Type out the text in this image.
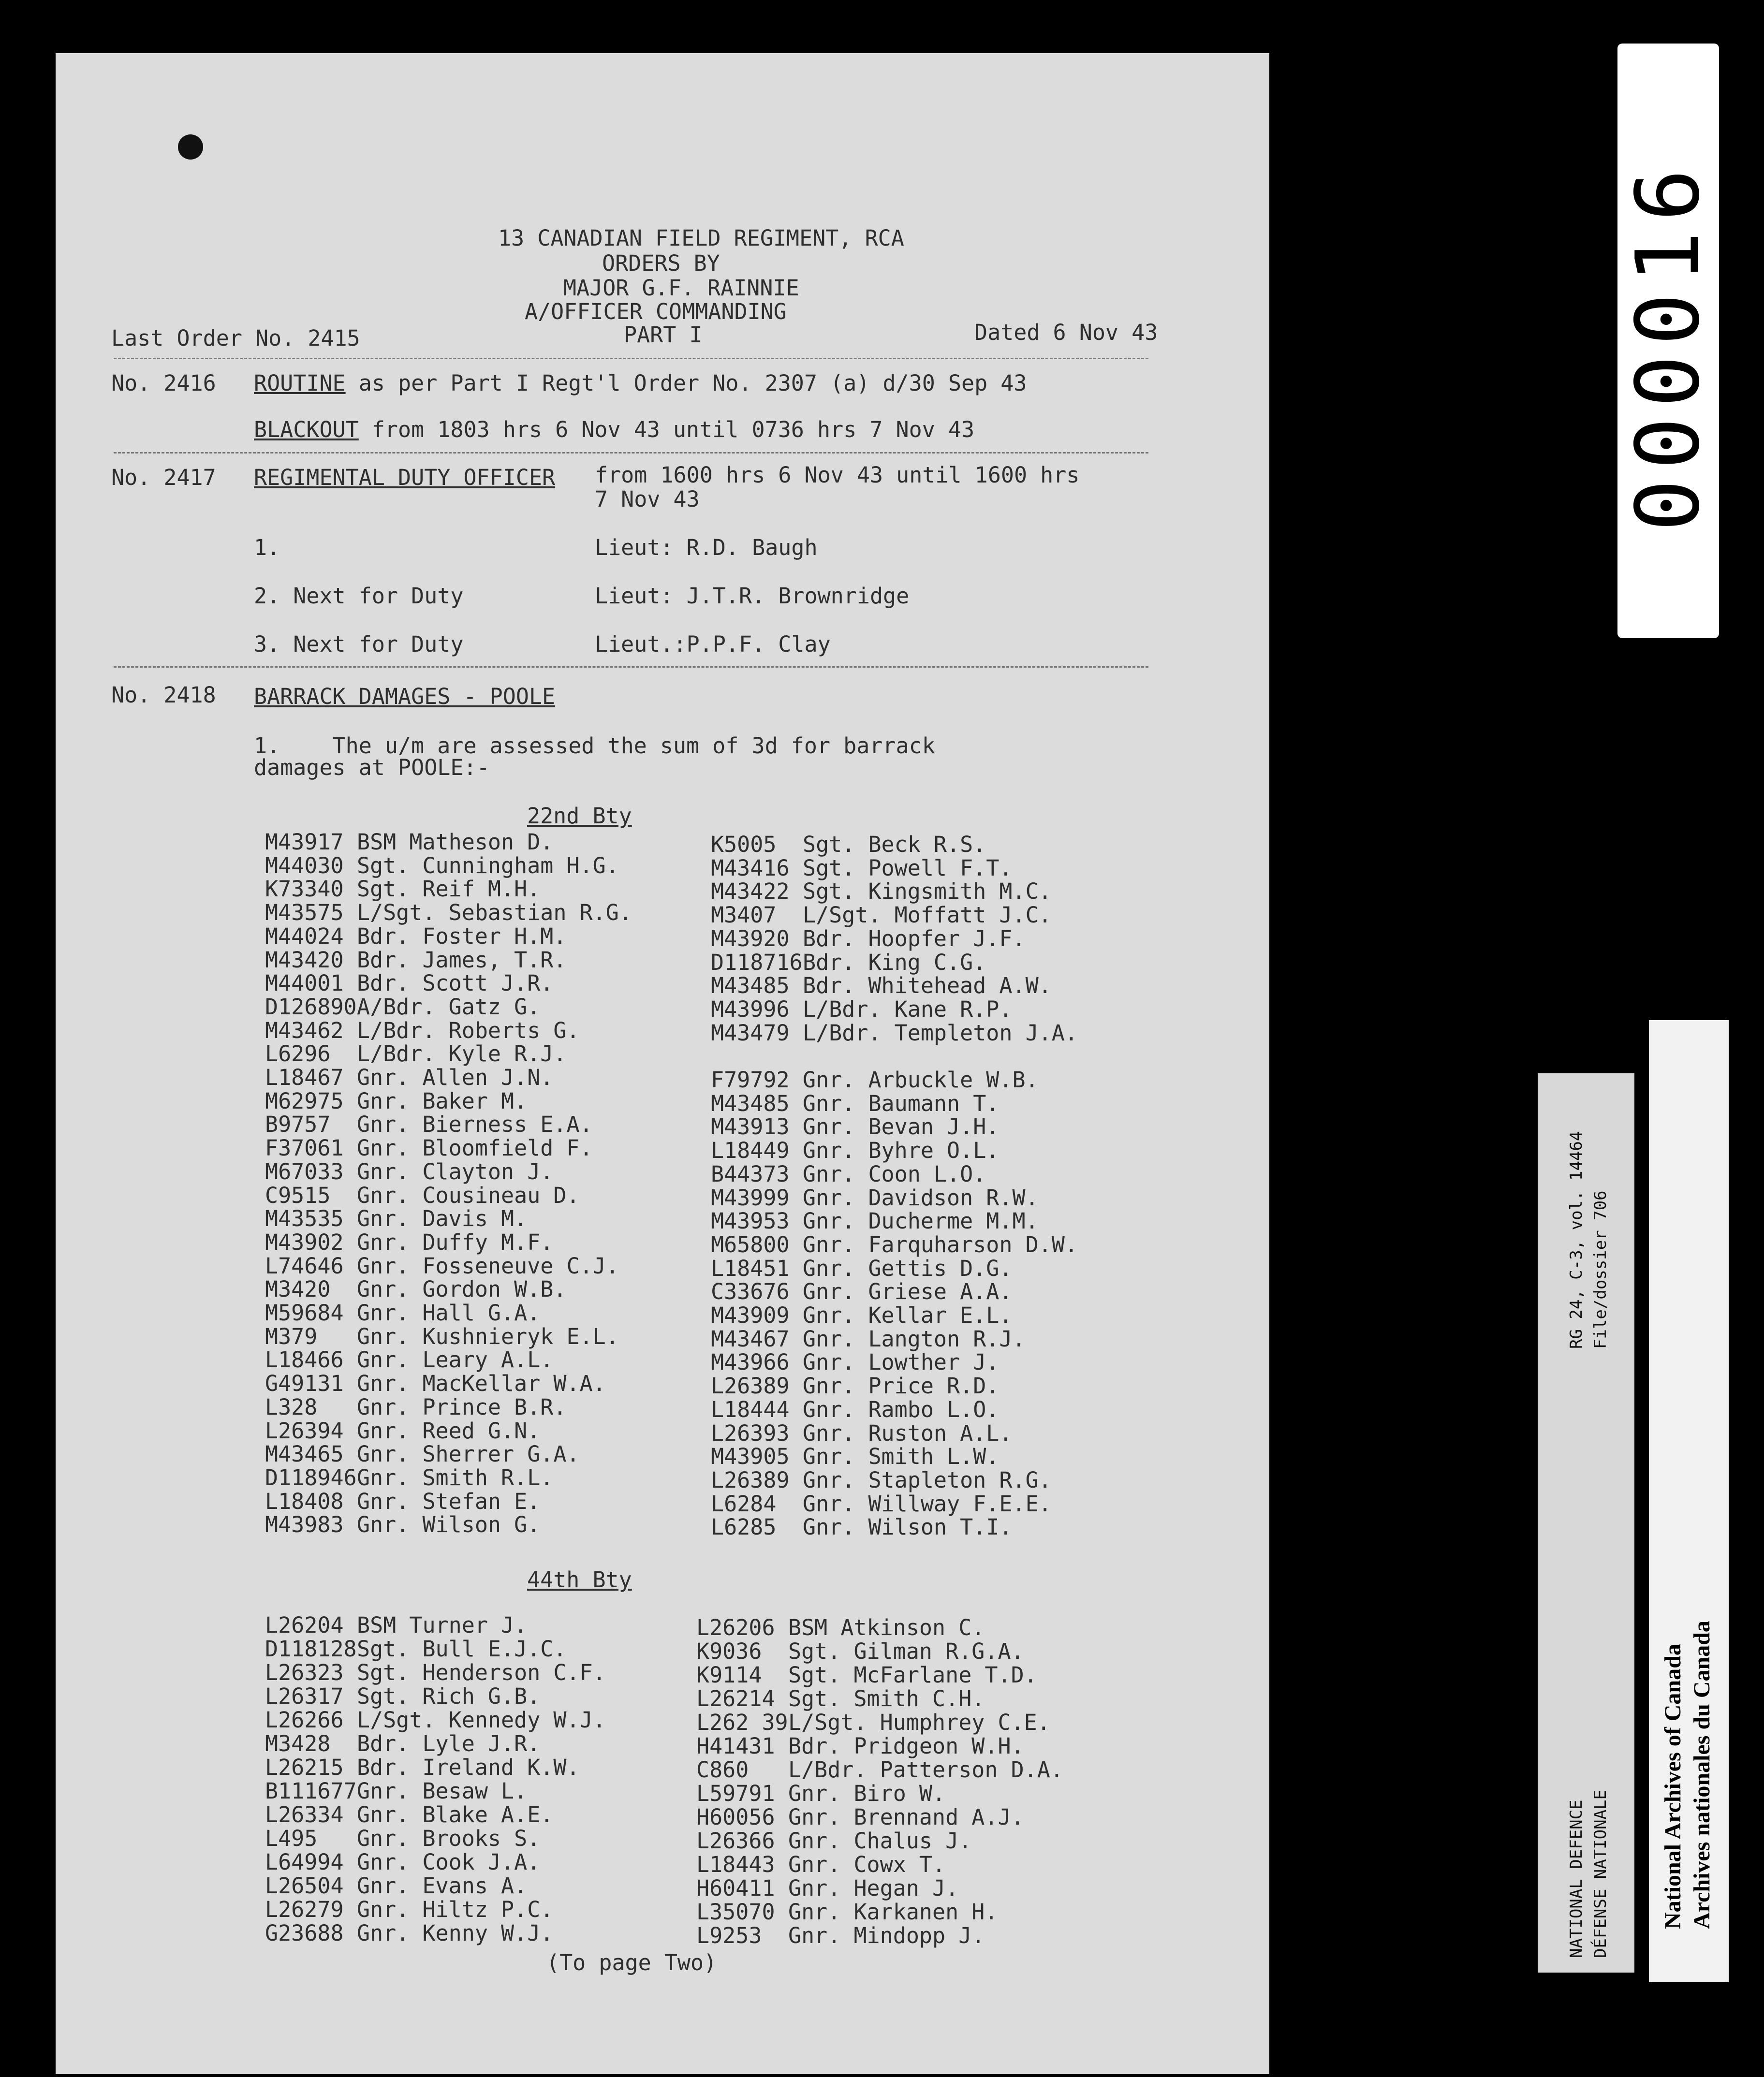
13 CANADIAN FIELD REGIMENT, RCA
ORDERS BY
MAJOR G.F. RAINNIE
A/OFFICER COMMANDING
PART I
Last Order No. 2415	Dated 6 Nov 43
No. 2416 ROUTINE as per Part I Regt'l Order No. 2307 (a) d/30 Sep 43
BLACKOUT from 1803 hrs 6 Nov 43 until 0736 hrs 7 Nov 43
No. 2417 REGIMENTAL DUTY OFFICER from 1600 hrs 6 Nov 43 until 1600 hrs
7 Nov 43
1.	Lieut: R.D. Baugh
2. Next for Duty	Lieut: J.T.R. Brownridge
3. Next for Duty	Lieut.:P.P.F. Clay
No. 2418 BARRACK DAMAGES - POOLE
1.    The u/m are assessed the sum of 3d for barrack
damages at POOLE:-
22nd Bty
M43917 BSM Matheson D.
M44030 Sgt. Cunningham H.G.
K73340 Sgt. Reif M.H.
M43575 L/Sgt. Sebastian R.G.
M44024 Bdr. Foster H.M.
M43420 Bdr. James, T.R.
M44001 Bdr. Scott J.R.
D126890A/Bdr. Gatz G.
M43462 L/Bdr. Roberts G.
L6296 L/Bdr. Kyle R.J.
L18467 Gnr. Allen J.N.
M62975 Gnr. Baker M.
B9757 Gnr. Bierness E.A.
F37061 Gnr. Bloomfield F.
M67033 Gnr. Clayton J.
C9515 Gnr. Cousineau D.
M43535 Gnr. Davis M.
M43902 Gnr. Duffy M.F.
L74646 Gnr. Fosseneuve C.J.
M3420 Gnr. Gordon W.B.
M59684 Gnr. Hall G.A.
M379 Gnr. Kushnieryk E.L.
L18466 Gnr. Leary A.L.
G49131 Gnr. MacKellar W.A.
L328 Gnr. Prince B.R.
L26394 Gnr. Reed G.N.
M43465 Gnr. Sherrer G.A.
D118946Gnr. Smith R.L.
L18408 Gnr. Stefan E.
M43983 Gnr. Wilson G.
K5005 Sgt. Beck R.S.
M43416 Sgt. Powell F.T.
M43422 Sgt. Kingsmith M.C.
M3407 L/Sgt. Moffatt J.C.
M43920 Bdr. Hoopfer J.F.
D118716Bdr. King C.G.
M43485 Bdr. Whitehead A.W.
M43996 L/Bdr. Kane R.P.
M43479 L/Bdr. Templeton J.A.
F79792 Gnr. Arbuckle W.B.
M43485 Gnr. Baumann T.
M43913 Gnr. Bevan J.H.
L18449 Gnr. Byhre O.L.
B44373 Gnr. Coon L.O.
M43999 Gnr. Davidson R.W.
M43953 Gnr. Ducherme M.M.
M65800 Gnr. Farquharson D.W.
L18451 Gnr. Gettis D.G.
C33676 Gnr. Griese A.A.
M43909 Gnr. Kellar E.L.
M43467 Gnr. Langton R.J.
M43966 Gnr. Lowther J.
L26389 Gnr. Price R.D.
L18444 Gnr. Rambo L.O.
L26393 Gnr. Ruston A.L.
M43905 Gnr. Smith L.W.
L26389 Gnr. Stapleton R.G.
L6284 Gnr. Willway F.E.E.
L6285 Gnr. Wilson T.I.
44th Bty
L26204 BSM Turner J.
D118128Sgt. Bull E.J.C.
L26323 Sgt. Henderson C.F.
L26317 Sgt. Rich G.B.
L26266 L/Sgt. Kennedy W.J.
M3428 Bdr. Lyle J.R.
L26215 Bdr. Ireland K.W.
B111677Gnr. Besaw L.
L26334 Gnr. Blake A.E.
L495 Gnr. Brooks S.
L64994 Gnr. Cook J.A.
L26504 Gnr. Evans A.
L26279 Gnr. Hiltz P.C.
G23688 Gnr. Kenny W.J.
L26206 BSM Atkinson C.
K9036 Sgt. Gilman R.G.A.
K9114 Sgt. McFarlane T.D.
L26214 Sgt. Smith C.H.
L262 39L/Sgt. Humphrey C.E.
H41431 Bdr. Pridgeon W.H.
C860 L/Bdr. Patterson D.A.
L59791 Gnr. Biro W.
H60056 Gnr. Brennand A.J.
L26366 Gnr. Chalus J.
L18443 Gnr. Cowx T.
H60411 Gnr. Hegan J.
L35070 Gnr. Karkanen H.
L9253 Gnr. Mindopp J.
(To page Two)
000016
RG 24, C-3, vol. 14464 File/dossier 706
NATIONAL DEFENCE DÉFENSE NATIONALE National Archives of Canada Archives nationales du Canada
